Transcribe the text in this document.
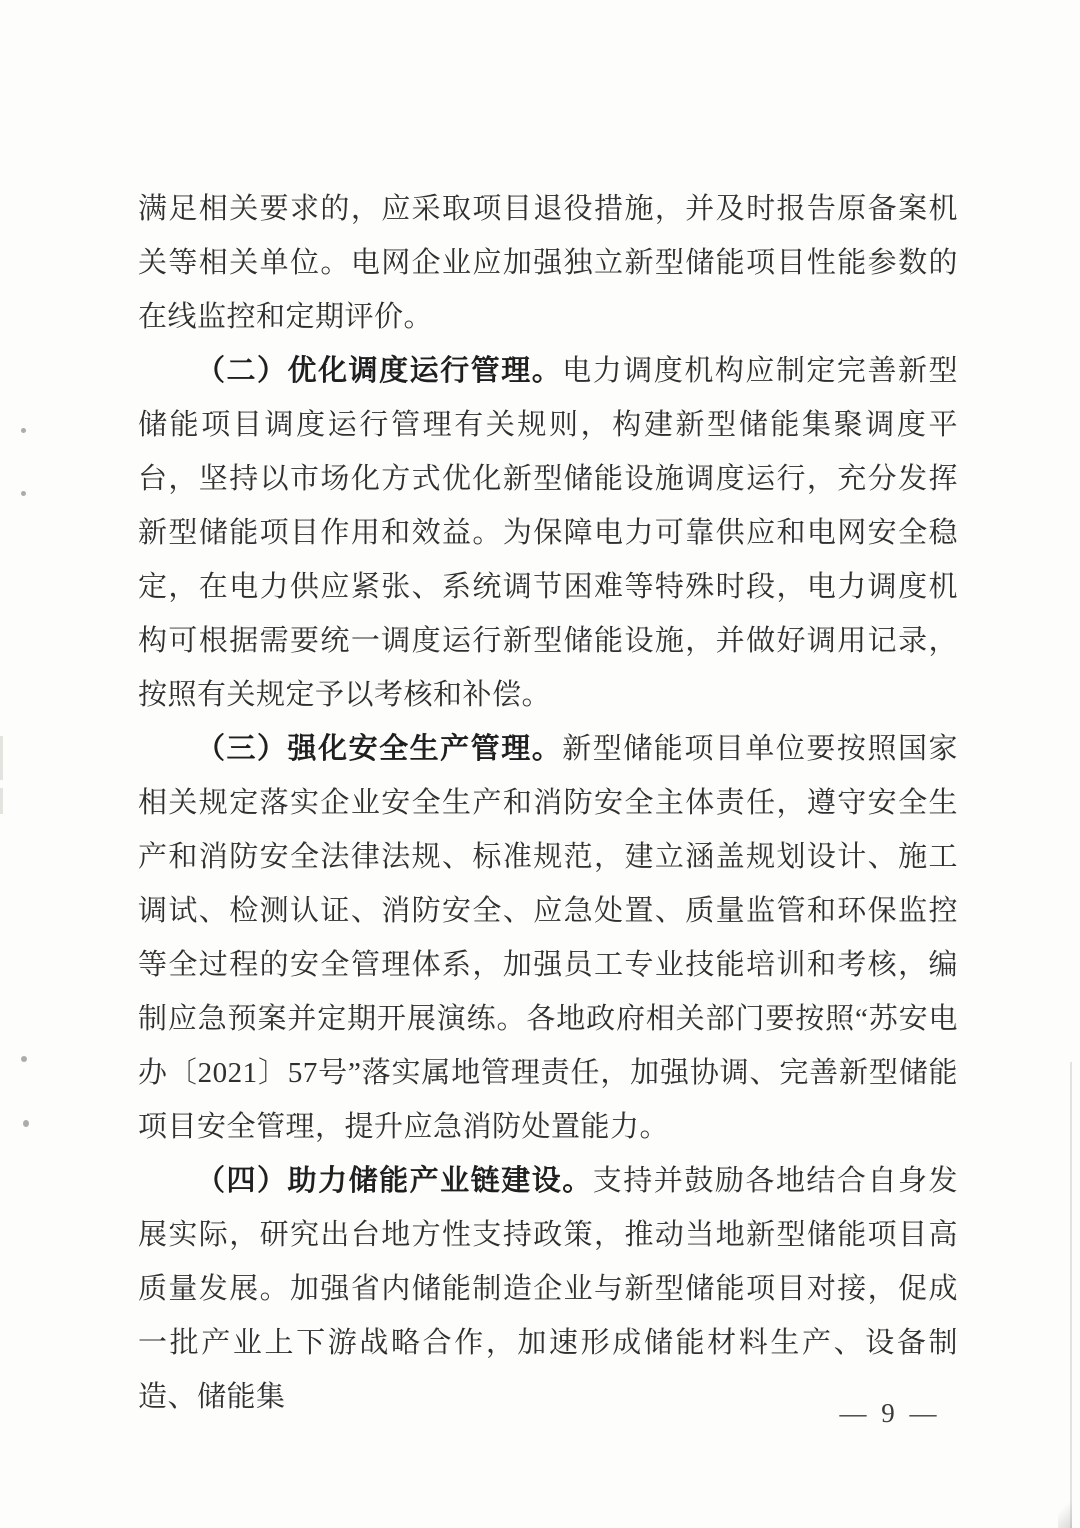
满足相关要求的，应采取项目退役措施，并及时报告原备案机关等相关单位。电网企业应加强独立新型储能项目性能参数的在线监控和定期评价。

（二）优化调度运行管理。电力调度机构应制定完善新型储能项目调度运行管理有关规则，构建新型储能集聚调度平台，坚持以市场化方式优化新型储能设施调度运行，充分发挥新型储能项目作用和效益。为保障电力可靠供应和电网安全稳定，在电力供应紧张、系统调节困难等特殊时段，电力调度机构可根据需要统一调度运行新型储能设施，并做好调用记录，按照有关规定予以考核和补偿。

（三）强化安全生产管理。新型储能项目单位要按照国家相关规定落实企业安全生产和消防安全主体责任，遵守安全生产和消防安全法律法规、标准规范，建立涵盖规划设计、施工调试、检测认证、消防安全、应急处置、质量监管和环保监控等全过程的安全管理体系，加强员工专业技能培训和考核，编制应急预案并定期开展演练。各地政府相关部门要按照“苏安电办〔2021〕57号”落实属地管理责任，加强协调、完善新型储能项目安全管理，提升应急消防处置能力。

（四）助力储能产业链建设。支持并鼓励各地结合自身发展实际，研究出台地方性支持政策，推动当地新型储能项目高质量发展。加强省内储能制造企业与新型储能项目对接，促成一批产业上下游战略合作，加速形成储能材料生产、设备制造、储能集	— 9 —
